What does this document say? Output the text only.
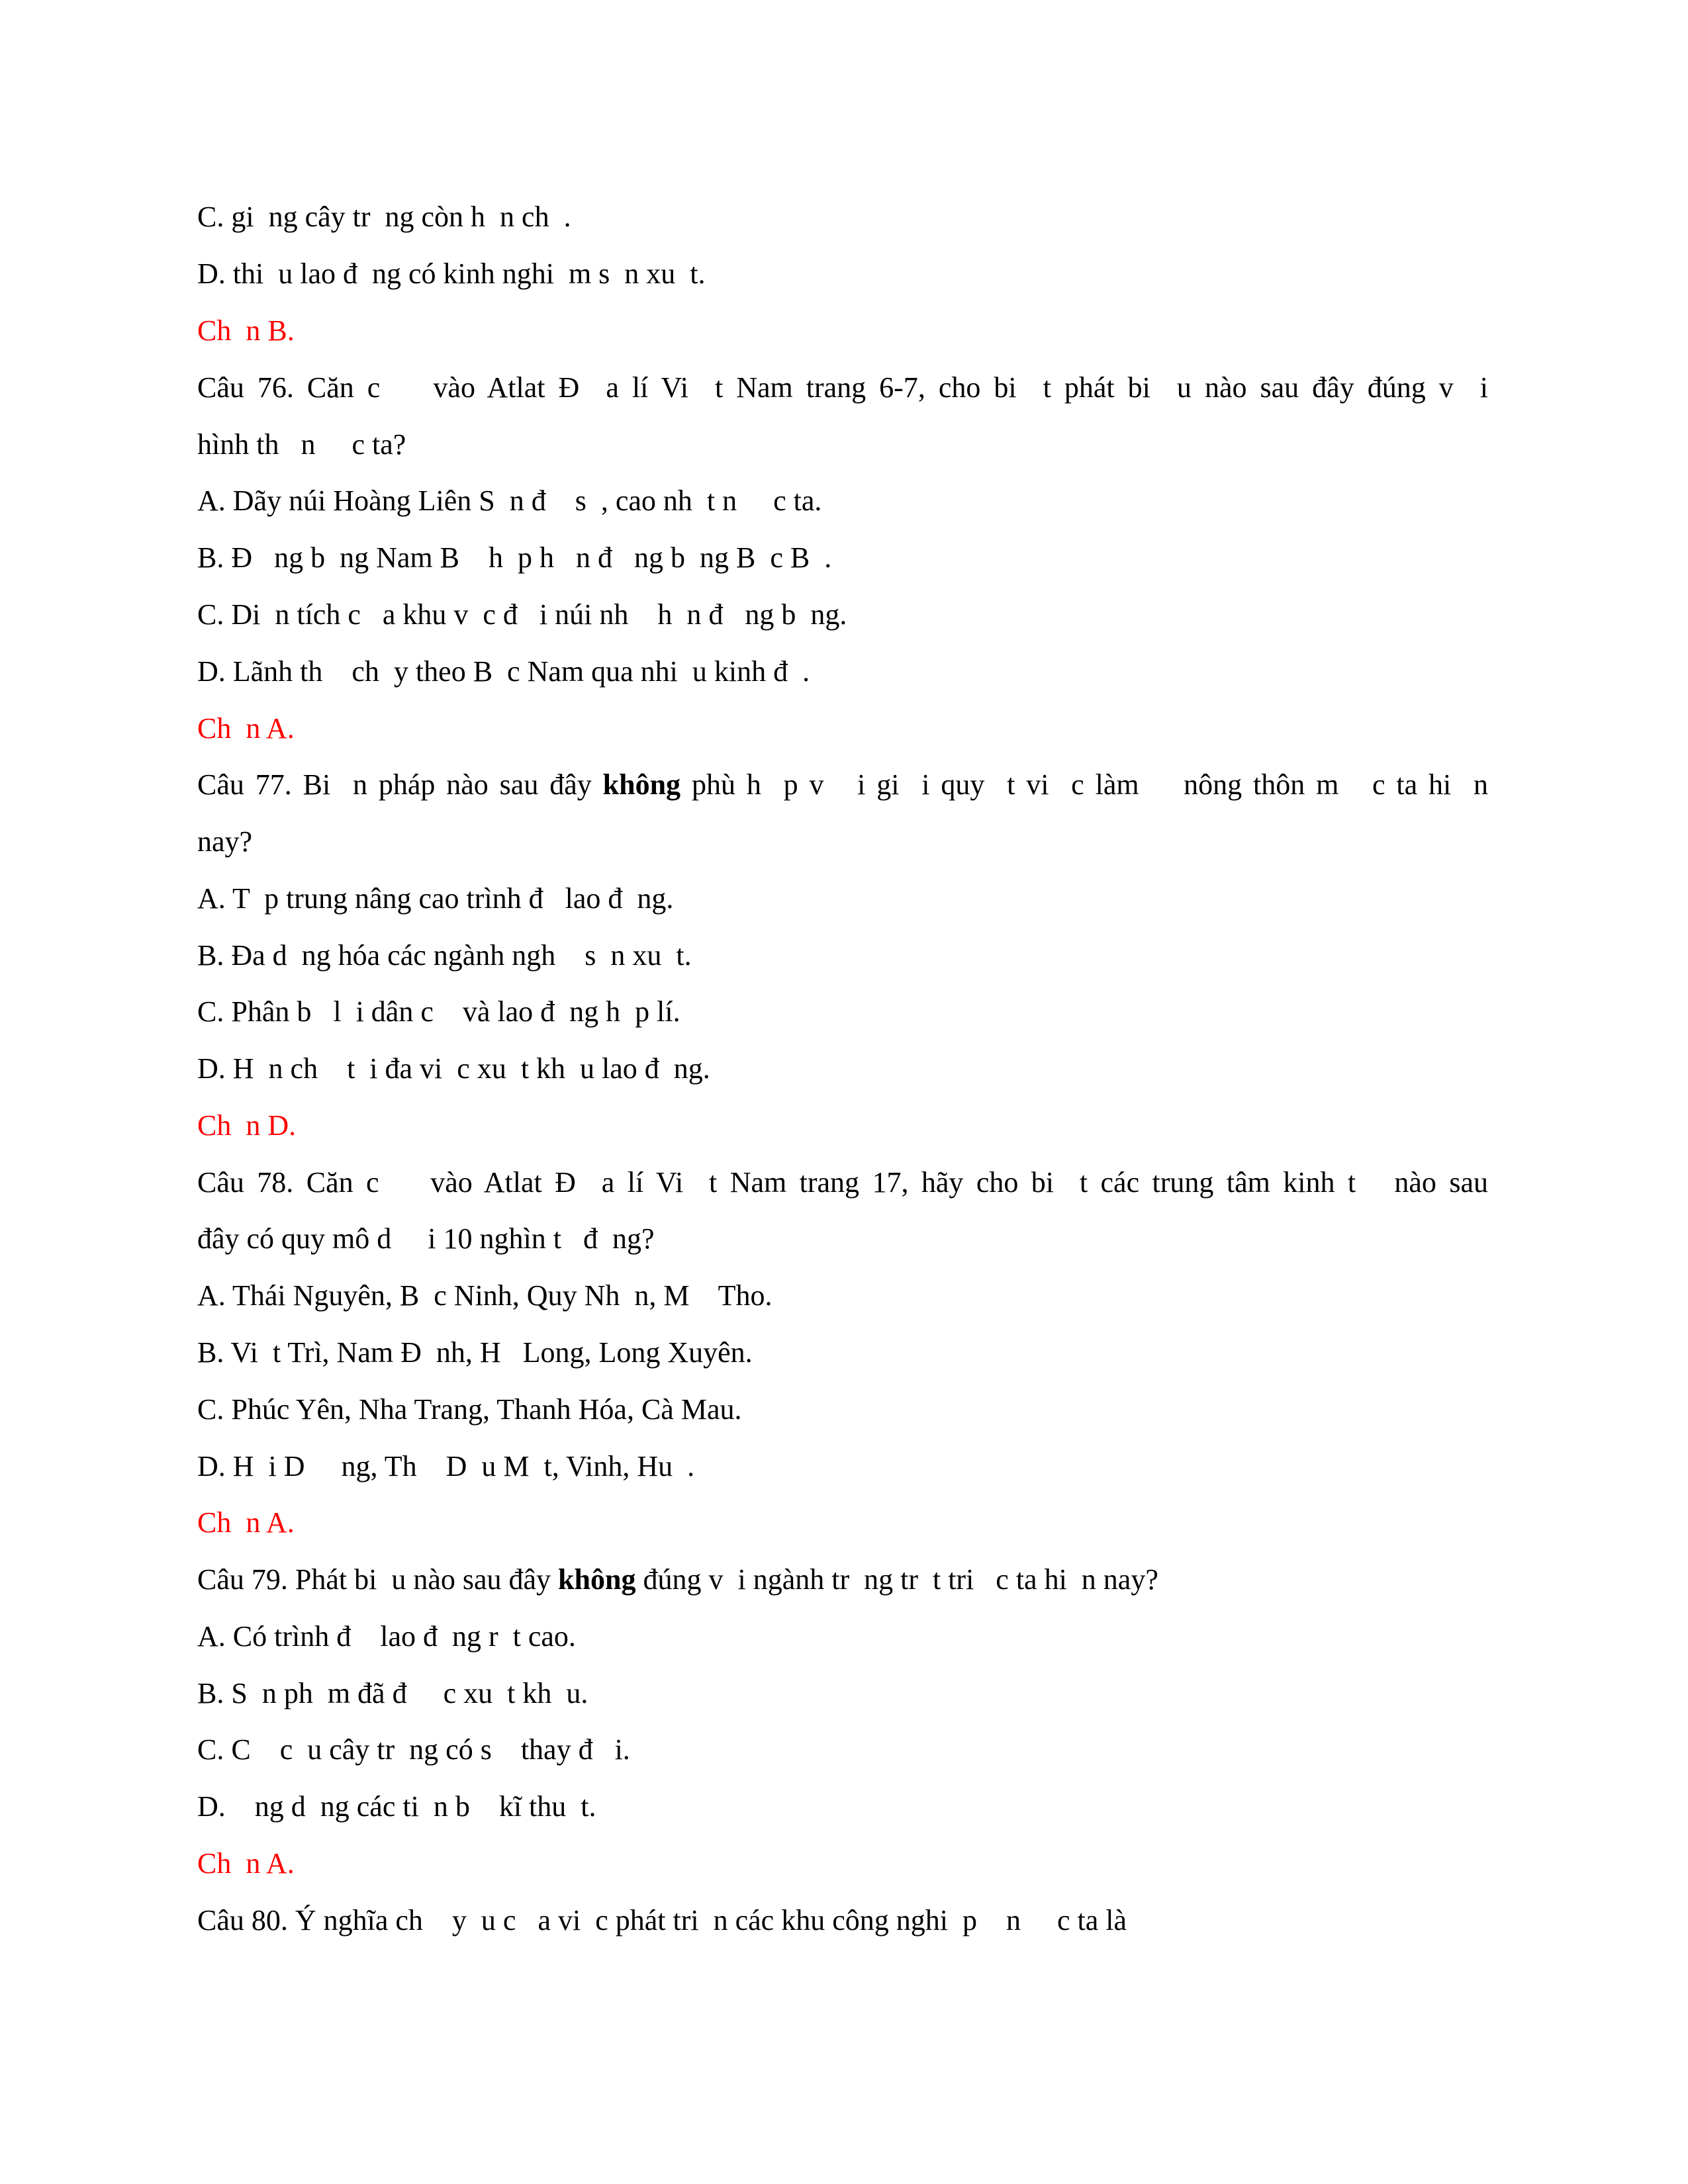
C. gi  ng cây tr  ng còn h  n ch  .

D. thi  u lao đ  ng có kinh nghi  m s  n xu  t.

Ch  n B.

Câu 76. Căn c    vào Atlat Đ  a lí Vi  t Nam trang 6-7, cho bi  t phát bi  u nào sau đây đúng v  i

hình th   n     c ta?

A. Dãy núi Hoàng Liên S  n đ    s  , cao nh  t n     c ta.

B. Đ   ng b  ng Nam B    h  p h   n đ   ng b  ng B  c B  .

C. Di  n tích c   a khu v  c đ   i núi nh    h  n đ   ng b  ng.

D. Lãnh th    ch  y theo B  c Nam qua nhi  u kinh đ  .

Ch  n A.

Câu 77. Bi  n pháp nào sau đây không phù h  p v   i gi  i quy  t vi  c làm    nông thôn m   c ta hi  n

nay?

A. T  p trung nâng cao trình đ   lao đ  ng.

B. Đa d  ng hóa các ngành ngh    s  n xu  t.

C. Phân b   l  i dân c    và lao đ  ng h  p lí.

D. H  n ch    t  i đa vi  c xu  t kh  u lao đ  ng.

Ch  n D.

Câu 78. Căn c    vào Atlat Đ  a lí Vi  t Nam trang 17, hãy cho bi  t các trung tâm kinh t   nào sau

đây có quy mô d     i 10 nghìn t   đ  ng?

A. Thái Nguyên, B  c Ninh, Quy Nh  n, M    Tho.

B. Vi  t Trì, Nam Đ  nh, H   Long, Long Xuyên.

C. Phúc Yên, Nha Trang, Thanh Hóa, Cà Mau.

D. H  i D     ng, Th    D  u M  t, Vinh, Hu  .

Ch  n A.

Câu 79. Phát bi  u nào sau đây không đúng v  i ngành tr  ng tr  t tri   c ta hi  n nay?

A. Có trình đ    lao đ  ng r  t cao.

B. S  n ph  m đã đ     c xu  t kh  u.

C. C    c  u cây tr  ng có s    thay đ   i.

D.    ng d  ng các ti  n b    kĩ thu  t.

Ch  n A.

Câu 80. Ý nghĩa ch    y  u c   a vi  c phát tri  n các khu công nghi  p    n     c ta là
